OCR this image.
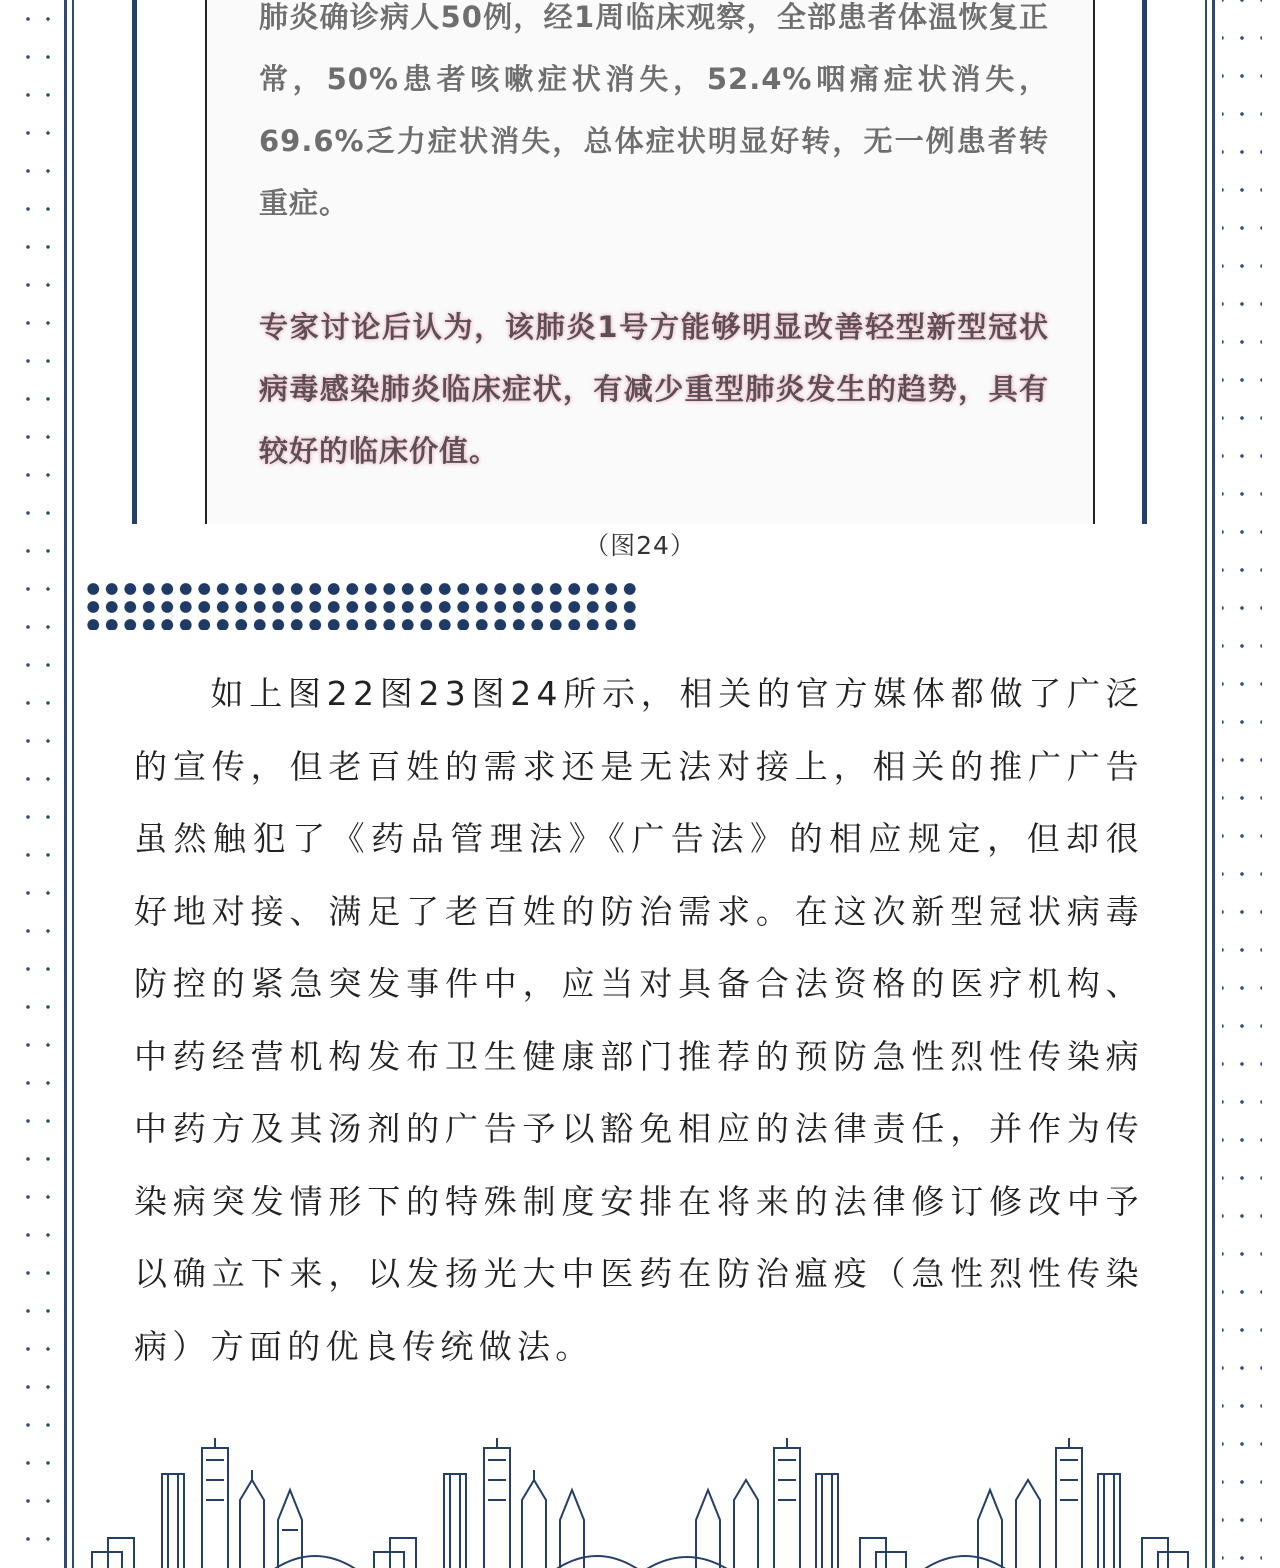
肺炎确诊病人50例，经1周临床观察，全部患者体温恢复正常，50%患者咳嗽症状消失，52.4%咽痛症状消失，69.6%乏力症状消失，总体症状明显好转，无一例患者转重症。

专家讨论后认为，该肺炎1号方能够明显改善轻型新型冠状病毒感染肺炎临床症状，有减少重型肺炎发生的趋势，具有较好的临床价值。

（图24）

如上图22图23图24所示，相关的官方媒体都做了广泛的宣传，但老百姓的需求还是无法对接上，相关的推广广告虽然触犯了《药品管理法》《广告法》的相应规定，但却很好地对接、满足了老百姓的防治需求。在这次新型冠状病毒防控的紧急突发事件中，应当对具备合法资格的医疗机构、中药经营机构发布卫生健康部门推荐的预防急性烈性传染病中药方及其汤剂的广告予以豁免相应的法律责任，并作为传染病突发情形下的特殊制度安排在将来的法律修订修改中予以确立下来，以发扬光大中医药在防治瘟疫（急性烈性传染病）方面的优良传统做法。
